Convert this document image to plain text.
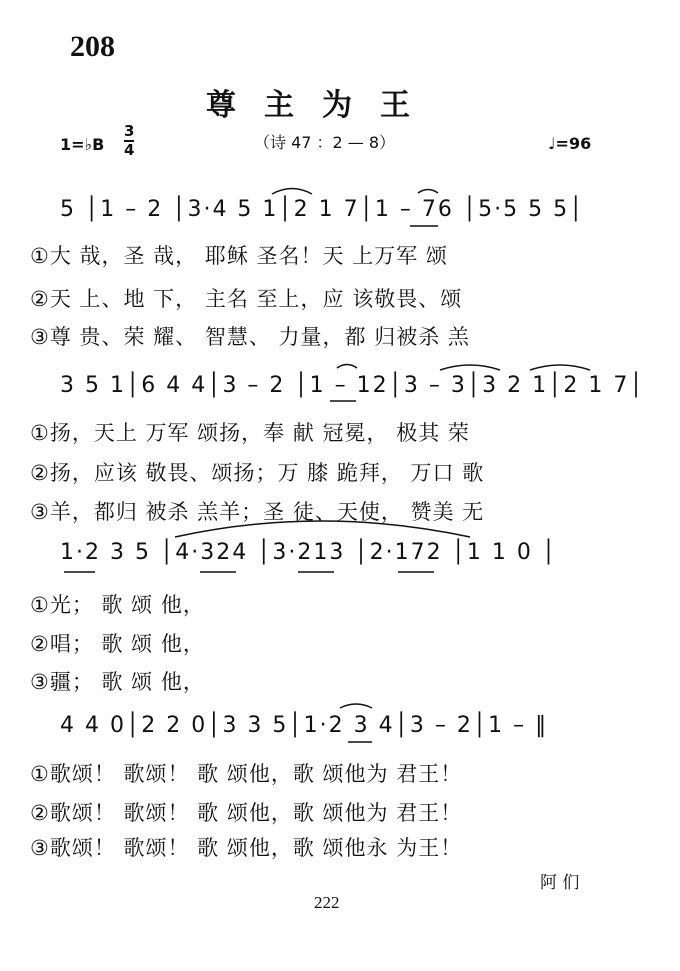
208
尊主为王
（诗 47 ：2 — 8）
1=♭B
3
4	♩=96
5 │1 – 2 │3·4 5 1│2 1 7│1 – 76 │5·5 5 5│
①大 哉，圣 哉， 耶稣 圣名！天 上万军 颂
②天 上、地 下， 主名 至上，应 该敬畏、颂
③尊 贵、荣 耀、 智慧、 力量，都 归被杀 羔
3 5 1│6 4 4│3 – 2 │1 – 12│3 – 3│3 2 1│2 1 7│
①扬，天上 万军 颂扬，奉 献 冠冕， 极其 荣
②扬，应该 敬畏、颂扬；万 膝 跪拜， 万口 歌
③羊，都归 被杀 羔羊；圣 徒、天使， 赞美 无
1·2 3 5 │4·324 │3·213 │2·172 │1 1 0 │
①光； 歌 颂 他，
②唱； 歌 颂 他，
③疆； 歌 颂 他，
4 4 0│2 2 0│3 3 5│1·2 3 4│3 – 2│1 – ‖
①歌颂！ 歌颂！ 歌 颂他，歌 颂他为 君王！
②歌颂！ 歌颂！ 歌 颂他，歌 颂他为 君王！
③歌颂！ 歌颂！ 歌 颂他，歌 颂他永 为王！
阿 们
222
